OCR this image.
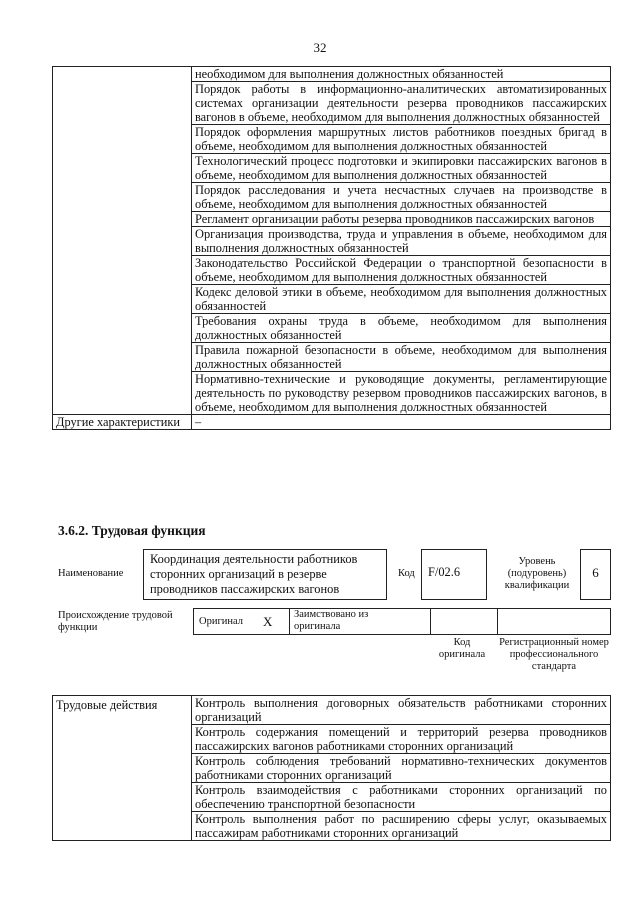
32
	необходимом для выполнения должностных обязанностей
	Порядок работы в информационно-аналитических автоматизированных системах организации деятельности резерва проводников пассажирских вагонов в объеме, необходимом для выполнения должностных обязанностей
	Порядок оформления маршрутных листов работников поездных бригад в объеме, необходимом для выполнения должностных обязанностей
	Технологический процесс подготовки и экипировки пассажирских вагонов в объеме, необходимом для выполнения должностных обязанностей
	Порядок расследования и учета несчастных случаев на производстве в объеме, необходимом для выполнения должностных обязанностей
	Регламент организации работы резерва проводников пассажирских вагонов
	Организация производства, труда и управления в объеме, необходимом для выполнения должностных обязанностей
	Законодательство Российской Федерации о транспортной безопасности в объеме, необходимом для выполнения должностных обязанностей
	Кодекс деловой этики в объеме, необходимом для выполнения должностных обязанностей
	Требования охраны труда в объеме, необходимом для выполнения должностных обязанностей
	Правила пожарной безопасности в объеме, необходимом для выполнения должностных обязанностей
	Нормативно-технические и руководящие документы, регламентирующие деятельность по руководству резервом проводников пассажирских вагонов, в объеме, необходимом для выполнения должностных обязанностей
Другие характеристики	–
3.6.2. Трудовая функция
Наименование
Координация деятельности работников сторонних организаций в резерве проводников пассажирских вагонов
Код	F/02.6
Уровень (подуровень) квалификации
6
Происхождение трудовой функции
Оригинал X Заимствовано из оригинала
Код оригинала
Регистрационный номер профессионального стандарта
Трудовые действия	Контроль выполнения договорных обязательств работниками сторонних организаций
Контроль содержания помещений и территорий резерва проводников пассажирских вагонов работниками сторонних организаций
Контроль соблюдения требований нормативно-технических документов работниками сторонних организаций
Контроль взаимодействия с работниками сторонних организаций по обеспечению транспортной безопасности
Контроль выполнения работ по расширению сферы услуг, оказываемых пассажирам работниками сторонних организаций
